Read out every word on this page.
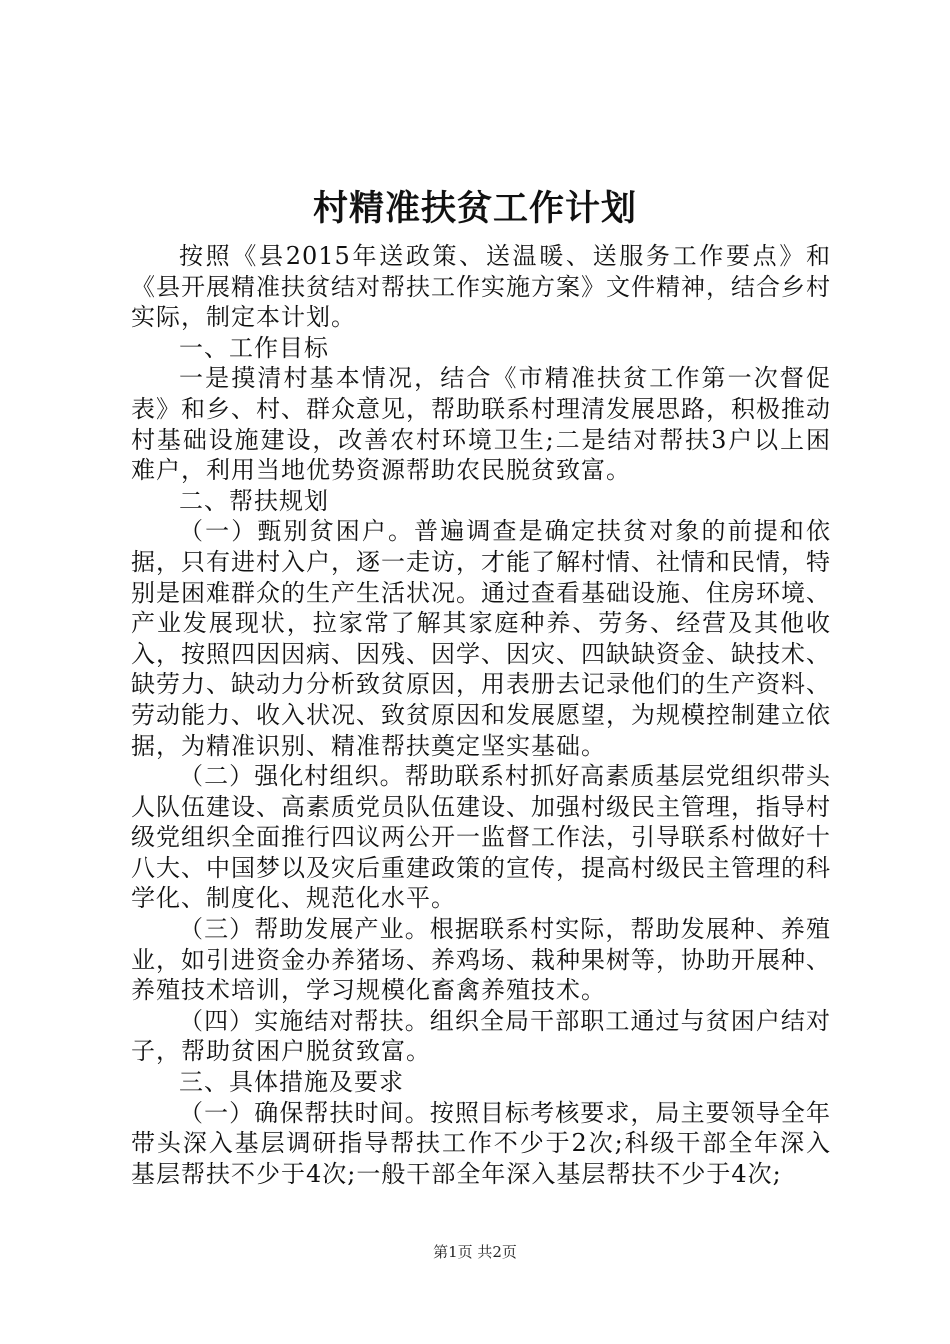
村精准扶贫工作计划

按照《县2015年送政策、送温暖、送服务工作要点》和《县开展精准扶贫结对帮扶工作实施方案》文件精神，结合乡村实际，制定本计划。

一、工作目标

一是摸清村基本情况，结合《市精准扶贫工作第一次督促表》和乡、村、群众意见，帮助联系村理清发展思路，积极推动村基础设施建设，改善农村环境卫生;二是结对帮扶3户以上困难户，利用当地优势资源帮助农民脱贫致富。

二、帮扶规划

（一）甄别贫困户。普遍调查是确定扶贫对象的前提和依据，只有进村入户，逐一走访，才能了解村情、社情和民情，特别是困难群众的生产生活状况。通过查看基础设施、住房环境、产业发展现状，拉家常了解其家庭种养、劳务、经营及其他收入，按照四因因病、因残、因学、因灾、四缺缺资金、缺技术、缺劳力、缺动力分析致贫原因，用表册去记录他们的生产资料、劳动能力、收入状况、致贫原因和发展愿望，为规模控制建立依据，为精准识别、精准帮扶奠定坚实基础。

（二）强化村组织。帮助联系村抓好高素质基层党组织带头人队伍建设、高素质党员队伍建设、加强村级民主管理，指导村级党组织全面推行四议两公开一监督工作法，引导联系村做好十八大、中国梦以及灾后重建政策的宣传，提高村级民主管理的科学化、制度化、规范化水平。

（三）帮助发展产业。根据联系村实际，帮助发展种、养殖业，如引进资金办养猪场、养鸡场、栽种果树等，协助开展种、养殖技术培训，学习规模化畜禽养殖技术。

（四）实施结对帮扶。组织全局干部职工通过与贫困户结对子，帮助贫困户脱贫致富。

三、具体措施及要求

（一）确保帮扶时间。按照目标考核要求，局主要领导全年带头深入基层调研指导帮扶工作不少于2次;科级干部全年深入基层帮扶不少于4次;一般干部全年深入基层帮扶不少于4次;

第1页 共2页
